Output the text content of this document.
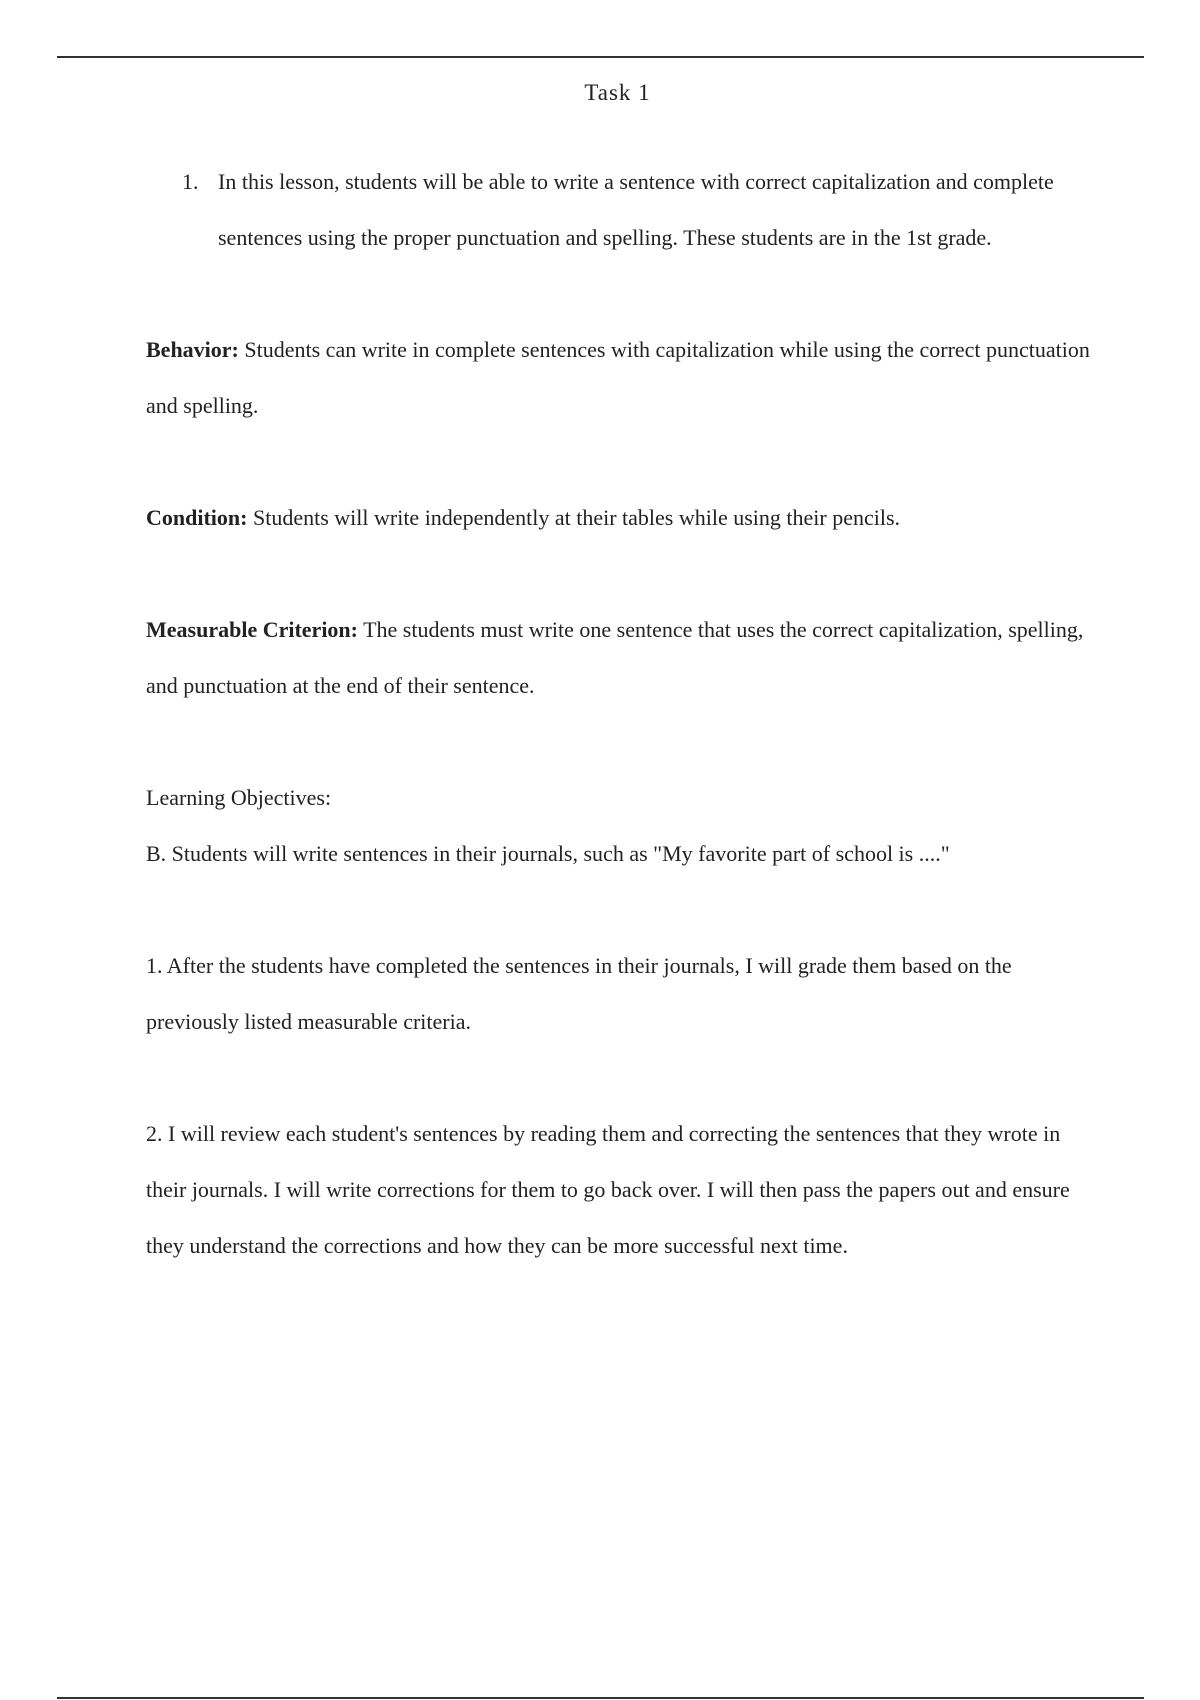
Task 1

1. In this lesson, students will be able to write a sentence with correct capitalization and complete sentences using the proper punctuation and spelling. These students are in the 1st grade.

Behavior: Students can write in complete sentences with capitalization while using the correct punctuation and spelling.

Condition: Students will write independently at their tables while using their pencils.

Measurable Criterion: The students must write one sentence that uses the correct capitalization, spelling, and punctuation at the end of their sentence.

Learning Objectives:

B. Students will write sentences in their journals, such as "My favorite part of school is ...."

1. After the students have completed the sentences in their journals, I will grade them based on the previously listed measurable criteria.

2. I will review each student's sentences by reading them and correcting the sentences that they wrote in their journals. I will write corrections for them to go back over. I will then pass the papers out and ensure they understand the corrections and how they can be more successful next time.
